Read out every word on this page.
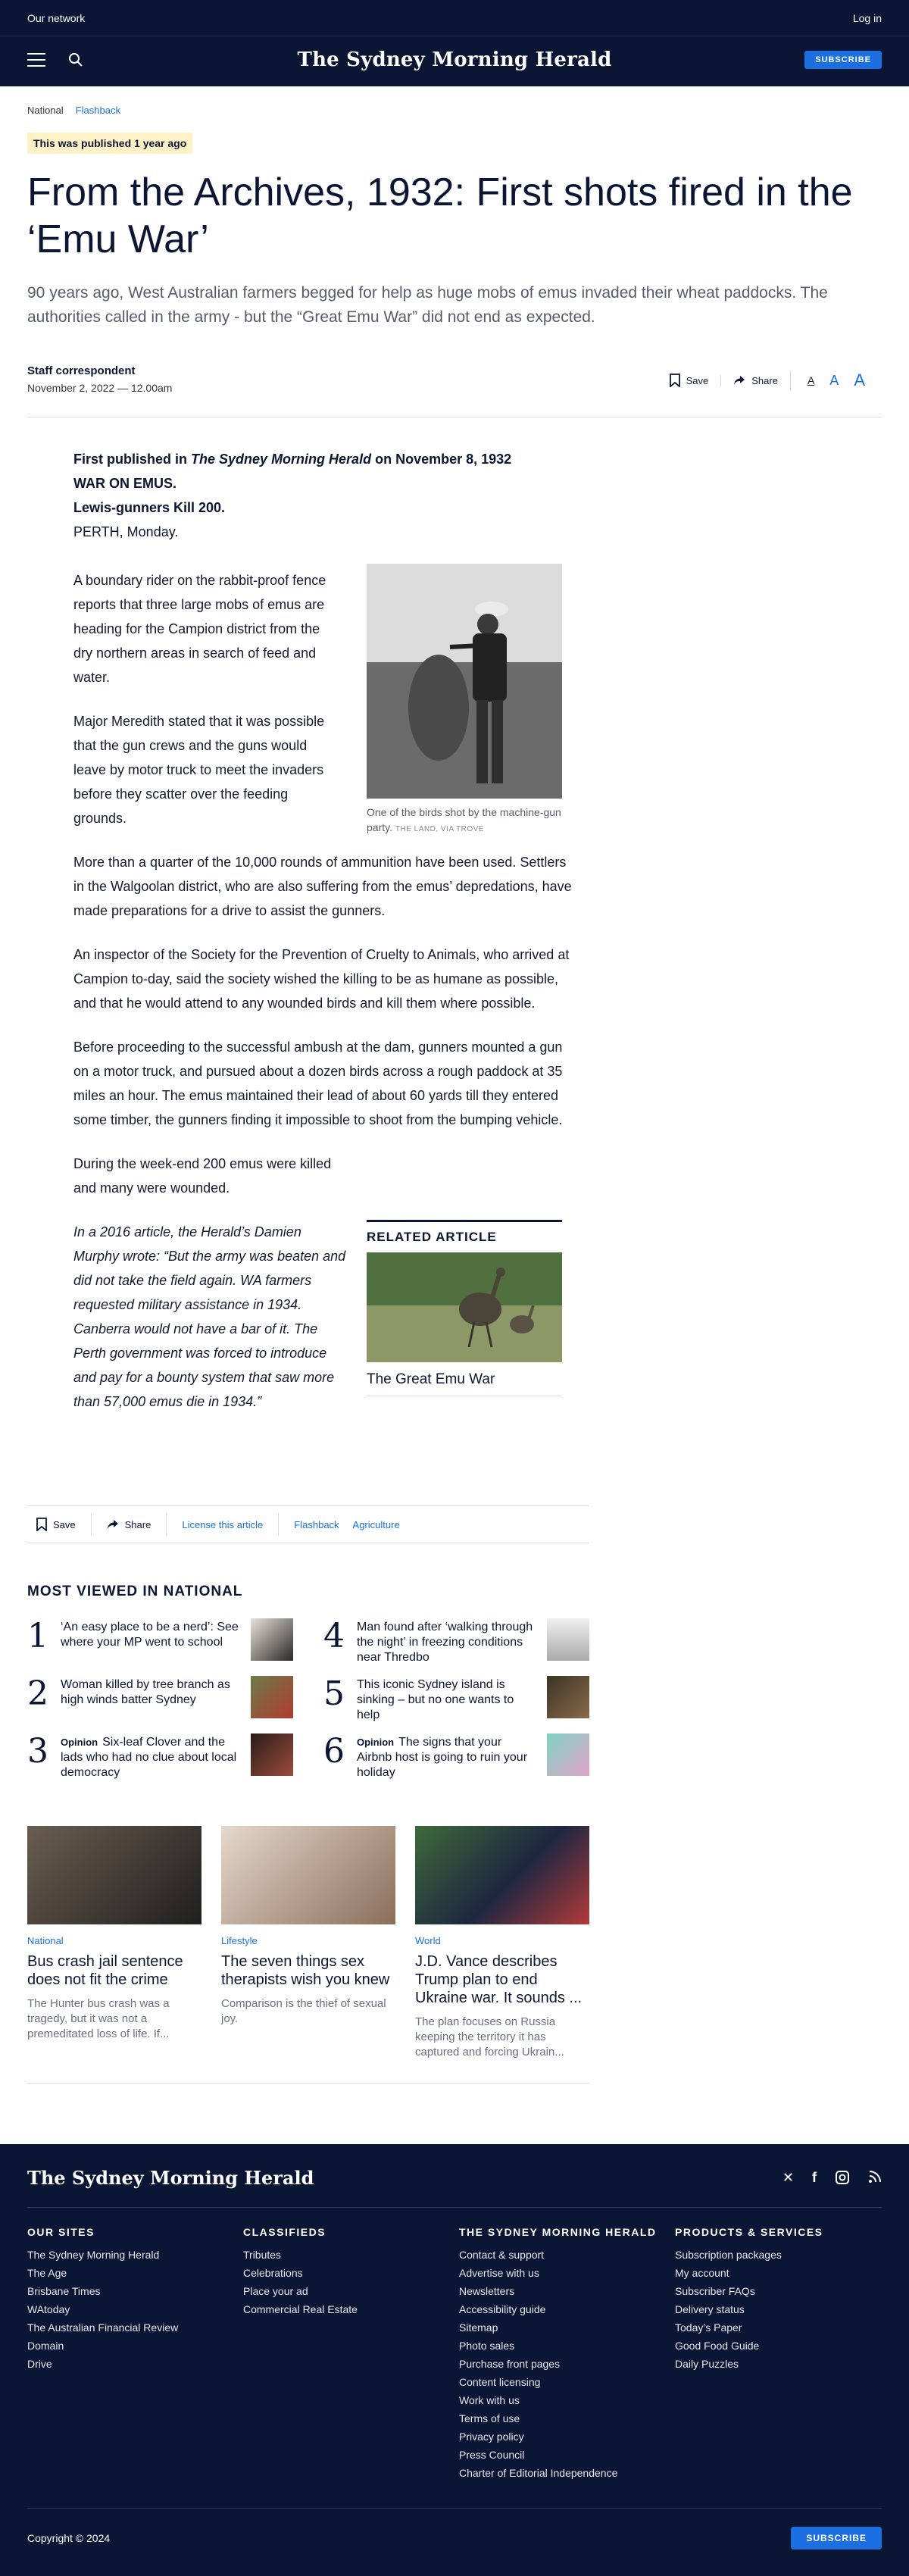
Our network	Log in
The Sydney Morning Herald	SUBSCRIBE
National Flashback
This was published 1 year ago
From the Archives, 1932: First shots fired in the ‘Emu War’

90 years ago, West Australian farmers begged for help as huge mobs of emus invaded their wheat paddocks. The authorities called in the army - but the “Great Emu War” did not end as expected.

Staff correspondent
November 2, 2022 — 12.00am
Save	Share	A	A A
First published in The Sydney Morning Herald on November 8, 1932
WAR ON EMUS.
Lewis-gunners Kill 200.
PERTH, Monday.

A boundary rider on the rabbit-proof fence reports that three large mobs of emus are heading for the Campion district from the dry northern areas in search of feed and water.

Major Meredith stated that it was possible that the gun crews and the guns would leave by motor truck to meet the invaders before they scatter over the feeding grounds.

More than a quarter of the 10,000 rounds of ammunition have been used. Settlers in the Walgoolan district, who are also suffering from the emus’ depredations, have made preparations for a drive to assist the gunners.

An inspector of the Society for the Prevention of Cruelty to Animals, who arrived at Campion to-day, said the society wished the killing to be as humane as possible, and that he would attend to any wounded birds and kill them where possible.

Before proceeding to the successful ambush at the dam, gunners mounted a gun on a motor truck, and pursued about a dozen birds across a rough paddock at 35 miles an hour. The emus maintained their lead of about 60 yards till they entered some timber, the gunners finding it impossible to shoot from the bumping vehicle.

During the week-end 200 emus were killed and many were wounded.

In a 2016 article, the Herald’s Damien Murphy wrote: “But the army was beaten and did not take the field again. WA farmers requested military assistance in 1934. Canberra would not have a bar of it. The Perth government was forced to introduce and pay for a bounty system that saw more than 57,000 emus die in 1934.”

One of the birds shot by the machine-gun party. THE LAND, VIA TROVE
RELATED ARTICLE
The Great Emu War
Save	Share	License this article	Flashback Agriculture
MOST VIEWED IN NATIONAL
1 ‘An easy place to be a nerd’: See where your MP went to school	4 Man found after ‘walking through the night’ in freezing conditions near Thredbo
2 Woman killed by tree branch as high winds batter Sydney	5 This iconic Sydney island is sinking – but no one wants to help
3	Opinion Six-leaf Clover and the lads who had no clue about local democracy
6	Opinion The signs that your Airbnb host is going to ruin your holiday
National
Bus crash jail sentence does not fit the crime
The Hunter bus crash was a tragedy, but it was not a premeditated loss of life. If...
Lifestyle
The seven things sex therapists wish you knew
Comparison is the thief of sexual joy.
World
J.D. Vance describes Trump plan to end Ukraine war. It sounds ...
The plan focuses on Russia keeping the territory it has captured and forcing Ukrain...
The Sydney Morning Herald	✕ f
OUR SITES
The Sydney Morning Herald
The Age
Brisbane Times
WAtoday
The Australian Financial Review
Domain
Drive
CLASSIFIEDS
Tributes
Celebrations
Place your ad
Commercial Real Estate
THE SYDNEY MORNING HERALD
Contact & support
Advertise with us
Newsletters
Accessibility guide
Sitemap
Photo sales
Purchase front pages
Content licensing
Work with us
Terms of use
Privacy policy
Press Council
Charter of Editorial Independence
PRODUCTS & SERVICES
Subscription packages
My account
Subscriber FAQs
Delivery status
Today’s Paper
Good Food Guide
Daily Puzzles
Copyright © 2024	SUBSCRIBE
